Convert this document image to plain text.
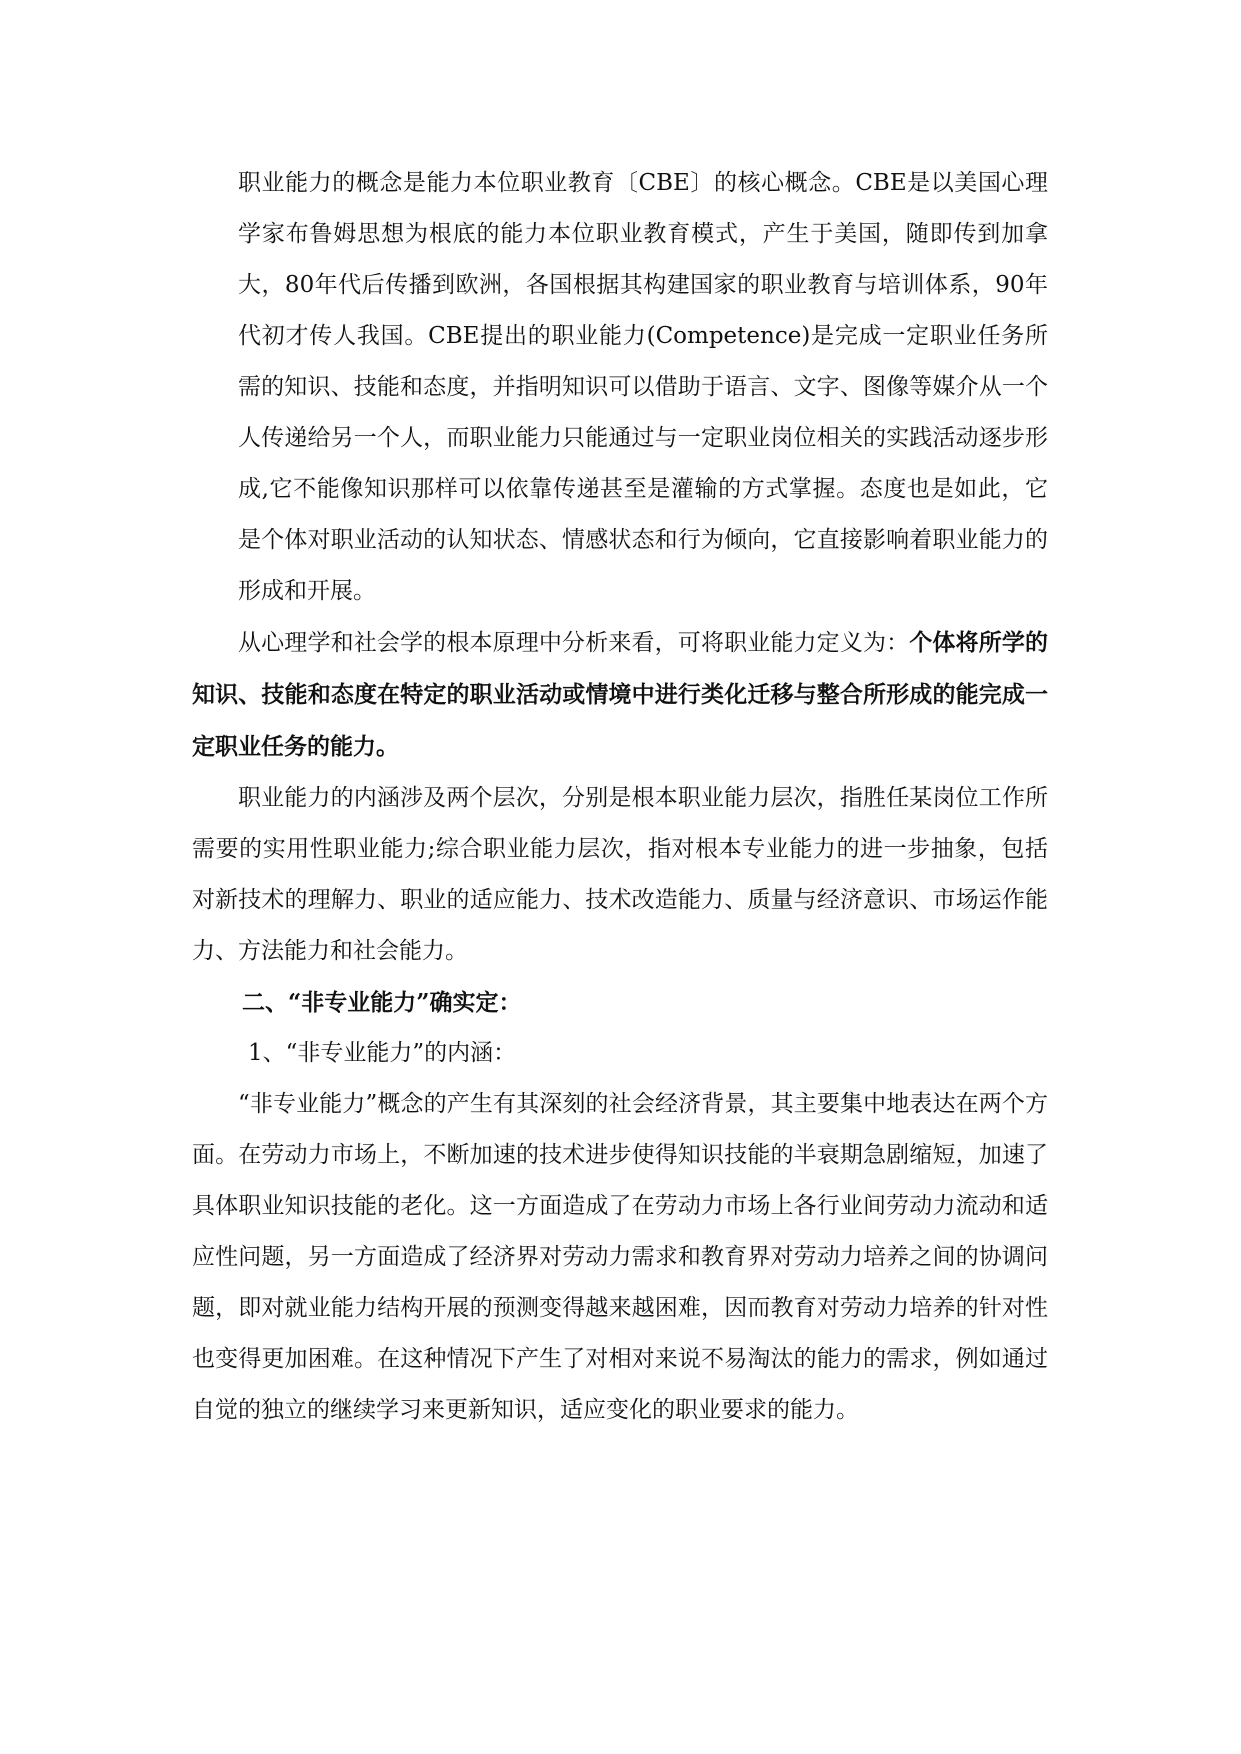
职业能力的概念是能力本位职业教育〔CBE〕的核心概念。CBE是以美国心理学家布鲁姆思想为根底的能力本位职业教育模式，产生于美国，随即传到加拿大，80年代后传播到欧洲，各国根据其构建国家的职业教育与培训体系，90年代初才传人我国。CBE提出的职业能力(Competence)是完成一定职业任务所需的知识、技能和态度，并指明知识可以借助于语言、文字、图像等媒介从一个人传递给另一个人，而职业能力只能通过与一定职业岗位相关的实践活动逐步形成,它不能像知识那样可以依靠传递甚至是灌输的方式掌握。态度也是如此，它是个体对职业活动的认知状态、情感状态和行为倾向，它直接影响着职业能力的形成和开展。

从心理学和社会学的根本原理中分析来看，可将职业能力定义为：个体将所学的知识、技能和态度在特定的职业活动或情境中进行类化迁移与整合所形成的能完成一定职业任务的能力。

职业能力的内涵涉及两个层次，分别是根本职业能力层次，指胜任某岗位工作所需要的实用性职业能力;综合职业能力层次，指对根本专业能力的进一步抽象，包括对新技术的理解力、职业的适应能力、技术改造能力、质量与经济意识、市场运作能力、方法能力和社会能力。

二、“非专业能力”确实定：

1、“非专业能力”的内涵：

“非专业能力”概念的产生有其深刻的社会经济背景，其主要集中地表达在两个方面。在劳动力市场上，不断加速的技术进步使得知识技能的半衰期急剧缩短，加速了具体职业知识技能的老化。这一方面造成了在劳动力市场上各行业间劳动力流动和适应性问题，另一方面造成了经济界对劳动力需求和教育界对劳动力培养之间的协调问题，即对就业能力结构开展的预测变得越来越困难，因而教育对劳动力培养的针对性也变得更加困难。在这种情况下产生了对相对来说不易淘汰的能力的需求，例如通过自觉的独立的继续学习来更新知识，适应变化的职业要求的能力。
